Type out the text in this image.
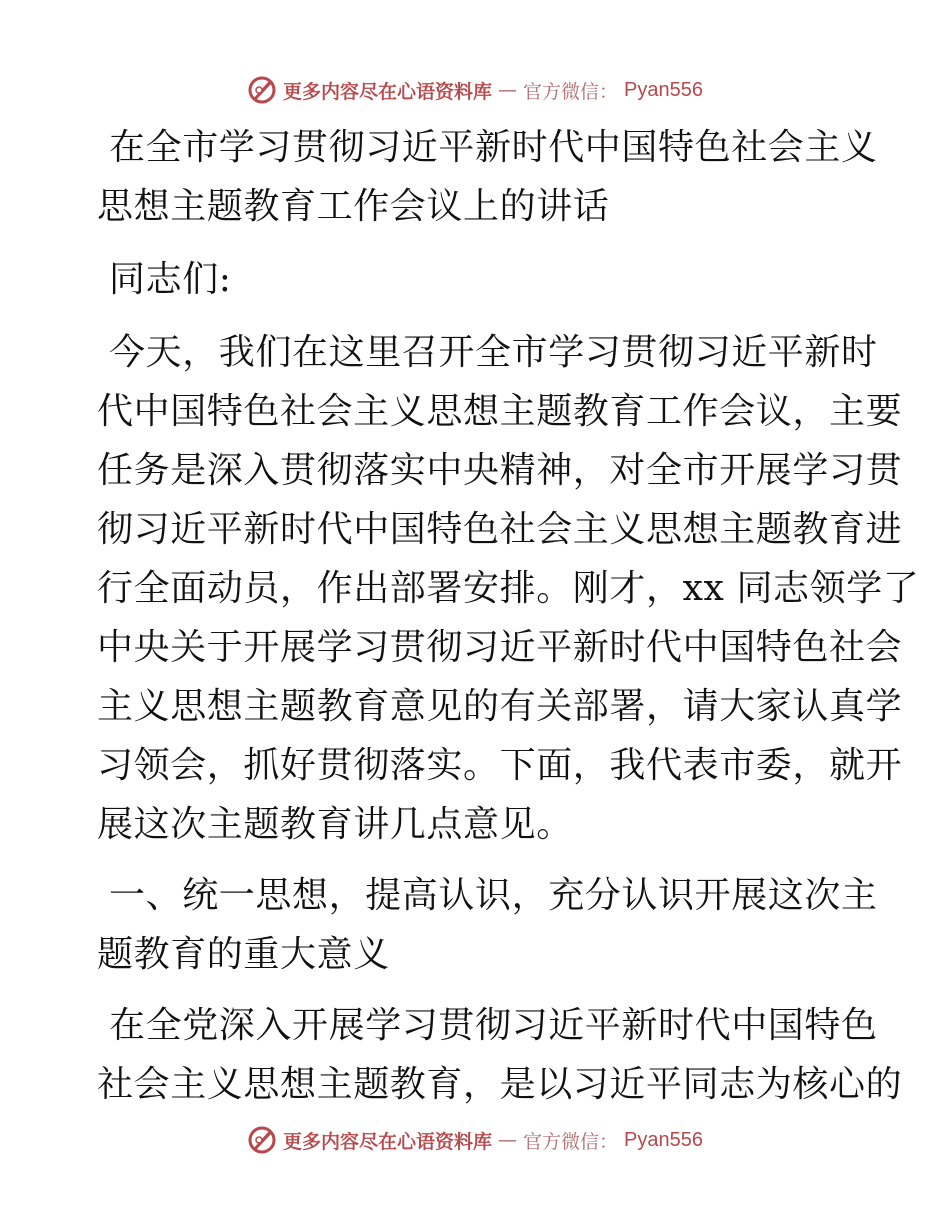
更多内容尽在心语资料库 — 官方微信： Pyan556
在全市学习贯彻习近平新时代中国特色社会主义
思想主题教育工作会议上的讲话
同志们:
今天，我们在这里召开全市学习贯彻习近平新时
代中国特色社会主义思想主题教育工作会议，主要
任务是深入贯彻落实中央精神，对全市开展学习贯
彻习近平新时代中国特色社会主义思想主题教育进
行全面动员，作出部署安排。刚才，xx 同志领学了
中央关于开展学习贯彻习近平新时代中国特色社会
主义思想主题教育意见的有关部署，请大家认真学
习领会，抓好贯彻落实。下面，我代表市委，就开
展这次主题教育讲几点意见。
一、统一思想，提高认识，充分认识开展这次主
题教育的重大意义
在全党深入开展学习贯彻习近平新时代中国特色
社会主义思想主题教育，是以习近平同志为核心的
更多内容尽在心语资料库 — 官方微信： Pyan556
